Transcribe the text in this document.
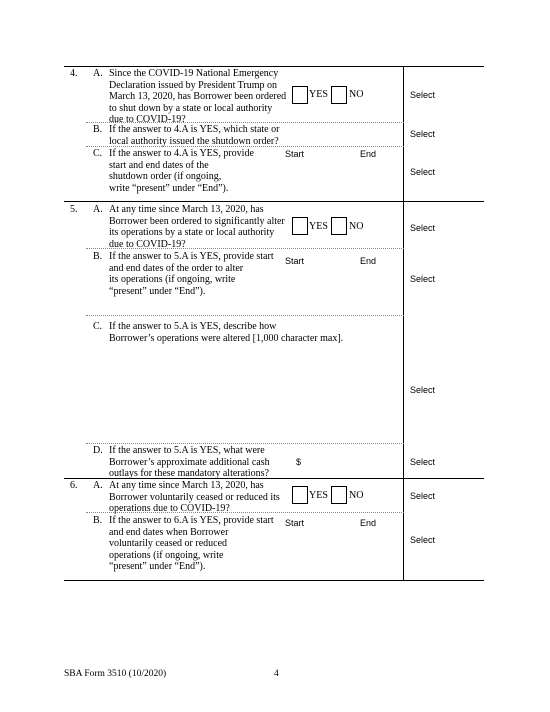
4. A. Since the COVID-19 National Emergency
Declaration issued by President Trump on
March 13, 2020, has Borrower been ordered
to shut down by a state or local authority
due to COVID-19?
YES NO	Select
B. If the answer to 4.A is YES, which state or
local authority issued the shutdown order?
Select
C. If the answer to 4.A is YES, provide
start and end dates of the
shutdown order (if ongoing,
write “present” under “End”).
Start	End
Select
5. A. At any time since March 13, 2020, has
Borrower been ordered to significantly alter
its operations by a state or local authority
due to COVID-19?
YES NO	Select
B. If the answer to 5.A is YES, provide start
and end dates of the order to alter
its operations (if ongoing, write
“present” under “End”).
Start	End
Select
C. If the answer to 5.A is YES, describe how
Borrower’s operations were altered [1,000 character max].
Select
D. If the answer to 5.A is YES, what were
Borrower’s approximate additional cash
outlays for these mandatory alterations?
$	Select
6. A. At any time since March 13, 2020, has
Borrower voluntarily ceased or reduced its
operations due to COVID-19?
YES NO	Select
B. If the answer to 6.A is YES, provide start
and end dates when Borrower
voluntarily ceased or reduced
operations (if ongoing, write
“present” under “End”).
Start	End
Select
SBA Form 3510 (10/2020)	4
